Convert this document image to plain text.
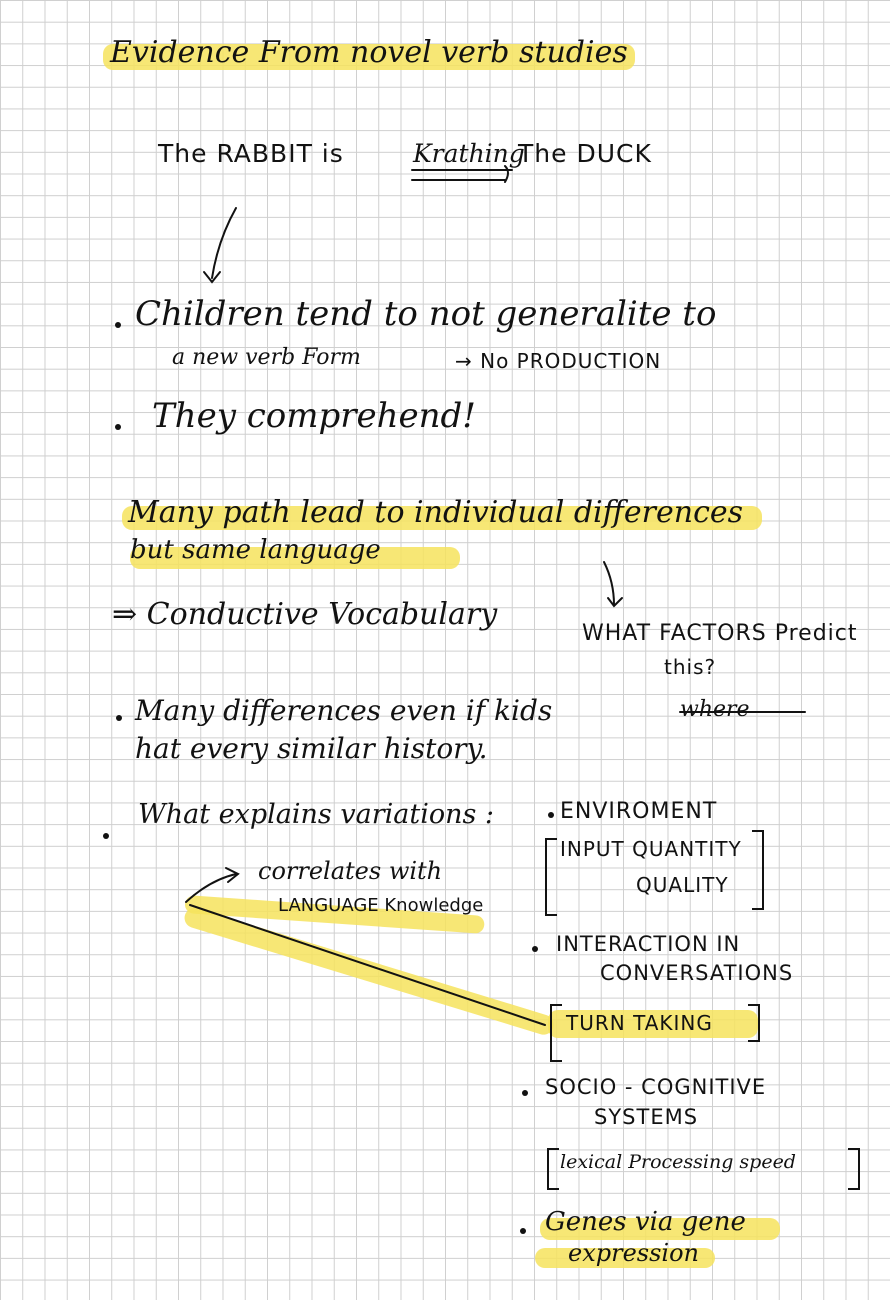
Evidence From novel verb studies
The RABBIT is	Krathing
The DUCK
Children tend to not generalite to
a new verb Form	→ No PRODUCTION
They comprehend!
Many path lead to individual differences
but same language
⇒ Conductive Vocabulary
WHAT FACTORS Predict
this?
Many differences even if kids	where
hat every similar history.
What explains variations :
correlates with
LANGUAGE Knowledge
ENVIROMENT
INPUT QUANTITY
QUALITY
INTERACTION IN
CONVERSATIONS
TURN TAKING
SOCIO - COGNITIVE
SYSTEMS
lexical Processing speed
Genes via gene
expression
